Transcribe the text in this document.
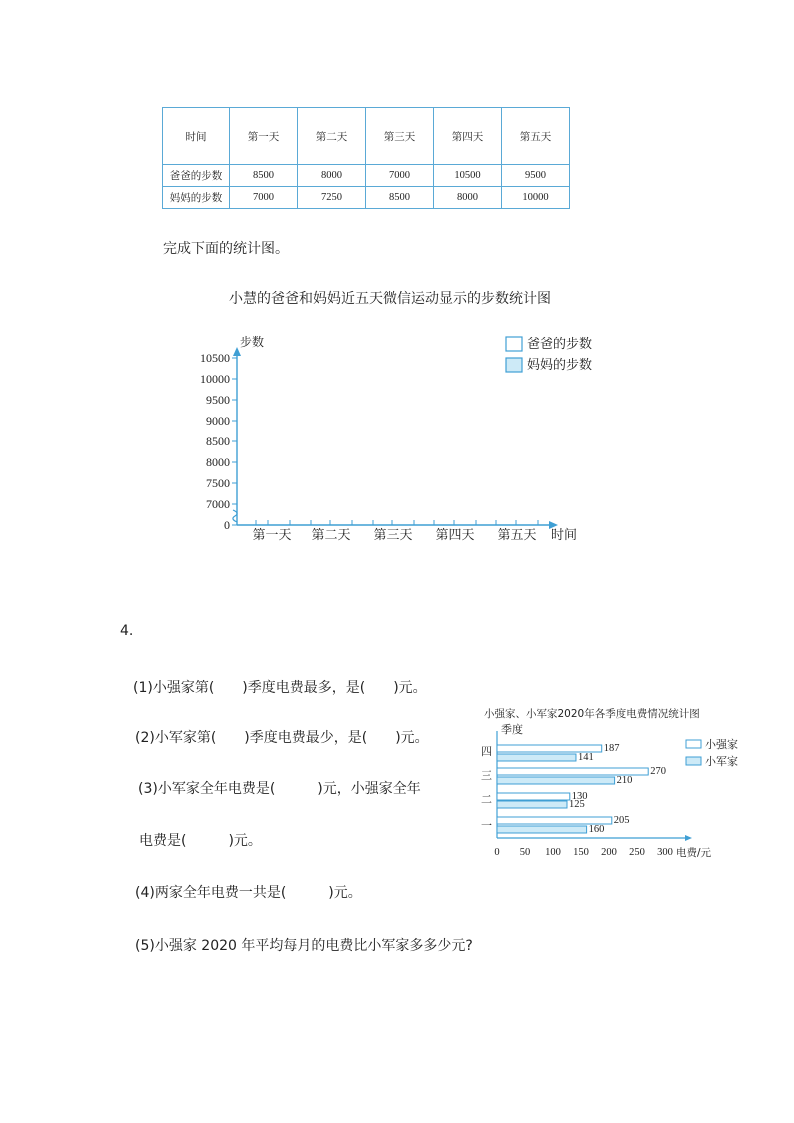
时间	第一天	第二天	第三天	第四天	第五天
爸爸的步数	8500	8000	7000	10500	9500
妈妈的步数	7000	7250	8500	8000	10000
完成下面的统计图。
小慧的爸爸和妈妈近五天微信运动显示的步数统计图
步数
0
7000
7500
8000
8500
9000
9500
10000
10500
第一天 第二天 第三天 第四天 第五天 时间
爸爸的步数
妈妈的步数
4.
(1)小强家第(　　)季度电费最多，是(　　)元。
(2)小军家第(　　)季度电费最少，是(　　)元。
(3)小军家全年电费是(　　　)元，小强家全年
电费是(　　　)元。
(4)两家全年电费一共是(　　　)元。
(5)小强家 2020 年平均每月的电费比小军家多多少元?
小强家、小军家2020年各季度电费情况统计图
季度
一
二
三
四
0 50 100 150 200 250 300 电费/元
205
160
130
125
270
210
187
141
小强家
小军家
